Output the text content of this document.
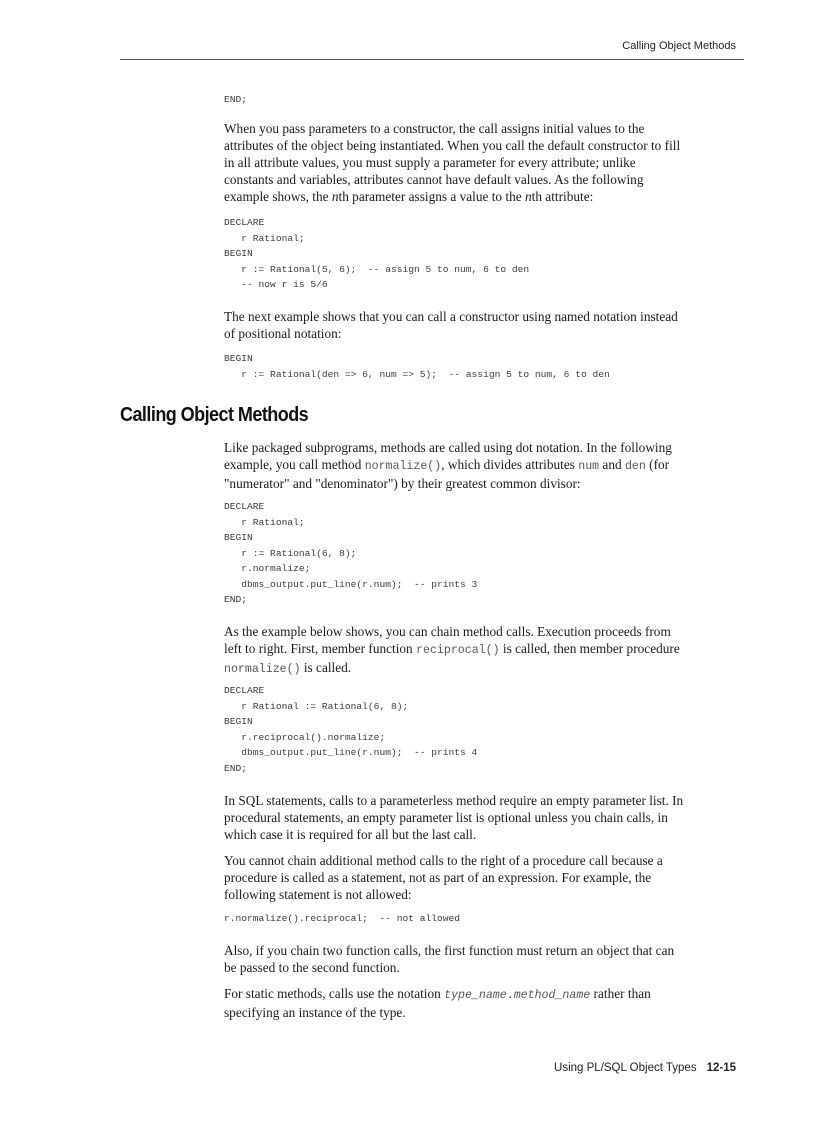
Calling Object Methods
END;

When you pass parameters to a constructor, the call assigns initial values to the

attributes of the object being instantiated. When you call the default constructor to fill

in all attribute values, you must supply a parameter for every attribute; unlike

constants and variables, attributes cannot have default values. As the following

example shows, the nth parameter assigns a value to the nth attribute:

DECLARE
r Rational;
BEGIN
r := Rational(5, 6);  -- assign 5 to num, 6 to den
-- now r is 5/6

The next example shows that you can call a constructor using named notation instead

of positional notation:

BEGIN
r := Rational(den => 6, num => 5);  -- assign 5 to num, 6 to den
Calling Object Methods

Like packaged subprograms, methods are called using dot notation. In the following

example, you call method normalize(), which divides attributes num and den (for

"numerator" and "denominator") by their greatest common divisor:

DECLARE
r Rational;
BEGIN
r := Rational(6, 8);
r.normalize;
dbms_output.put_line(r.num);  -- prints 3
END;

As the example below shows, you can chain method calls. Execution proceeds from

left to right. First, member function reciprocal() is called, then member procedure

normalize() is called.

DECLARE
r Rational := Rational(6, 8);
BEGIN
r.reciprocal().normalize;
dbms_output.put_line(r.num);  -- prints 4
END;

In SQL statements, calls to a parameterless method require an empty parameter list. In

procedural statements, an empty parameter list is optional unless you chain calls, in

which case it is required for all but the last call.

You cannot chain additional method calls to the right of a procedure call because a

procedure is called as a statement, not as part of an expression. For example, the

following statement is not allowed:

r.normalize().reciprocal;  -- not allowed

Also, if you chain two function calls, the first function must return an object that can

be passed to the second function.

For static methods, calls use the notation type_name.method_name rather than

specifying an instance of the type.

Using PL/SQL Object Types 12-15
